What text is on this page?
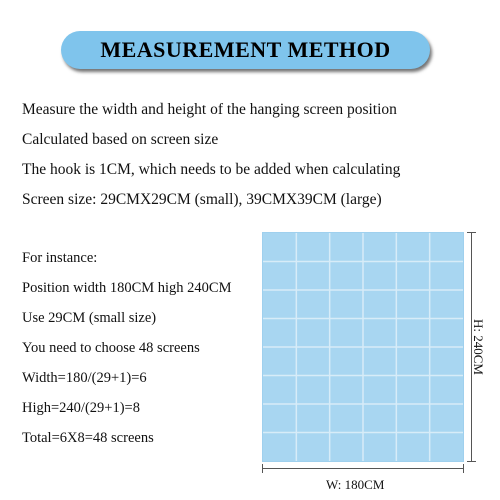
MEASUREMENT METHOD
Measure the width and height of the hanging screen position
Calculated based on screen size
The hook is 1CM, which needs to be added when calculating
Screen size: 29CMX29CM (small), 39CMX39CM (large)
For instance:
Position width 180CM high 240CM
Use 29CM (small size)
You need to choose 48 screens
Width=180/(29+1)=6
High=240/(29+1)=8
Total=6X8=48 screens
W: 180CM
H: 240CM
